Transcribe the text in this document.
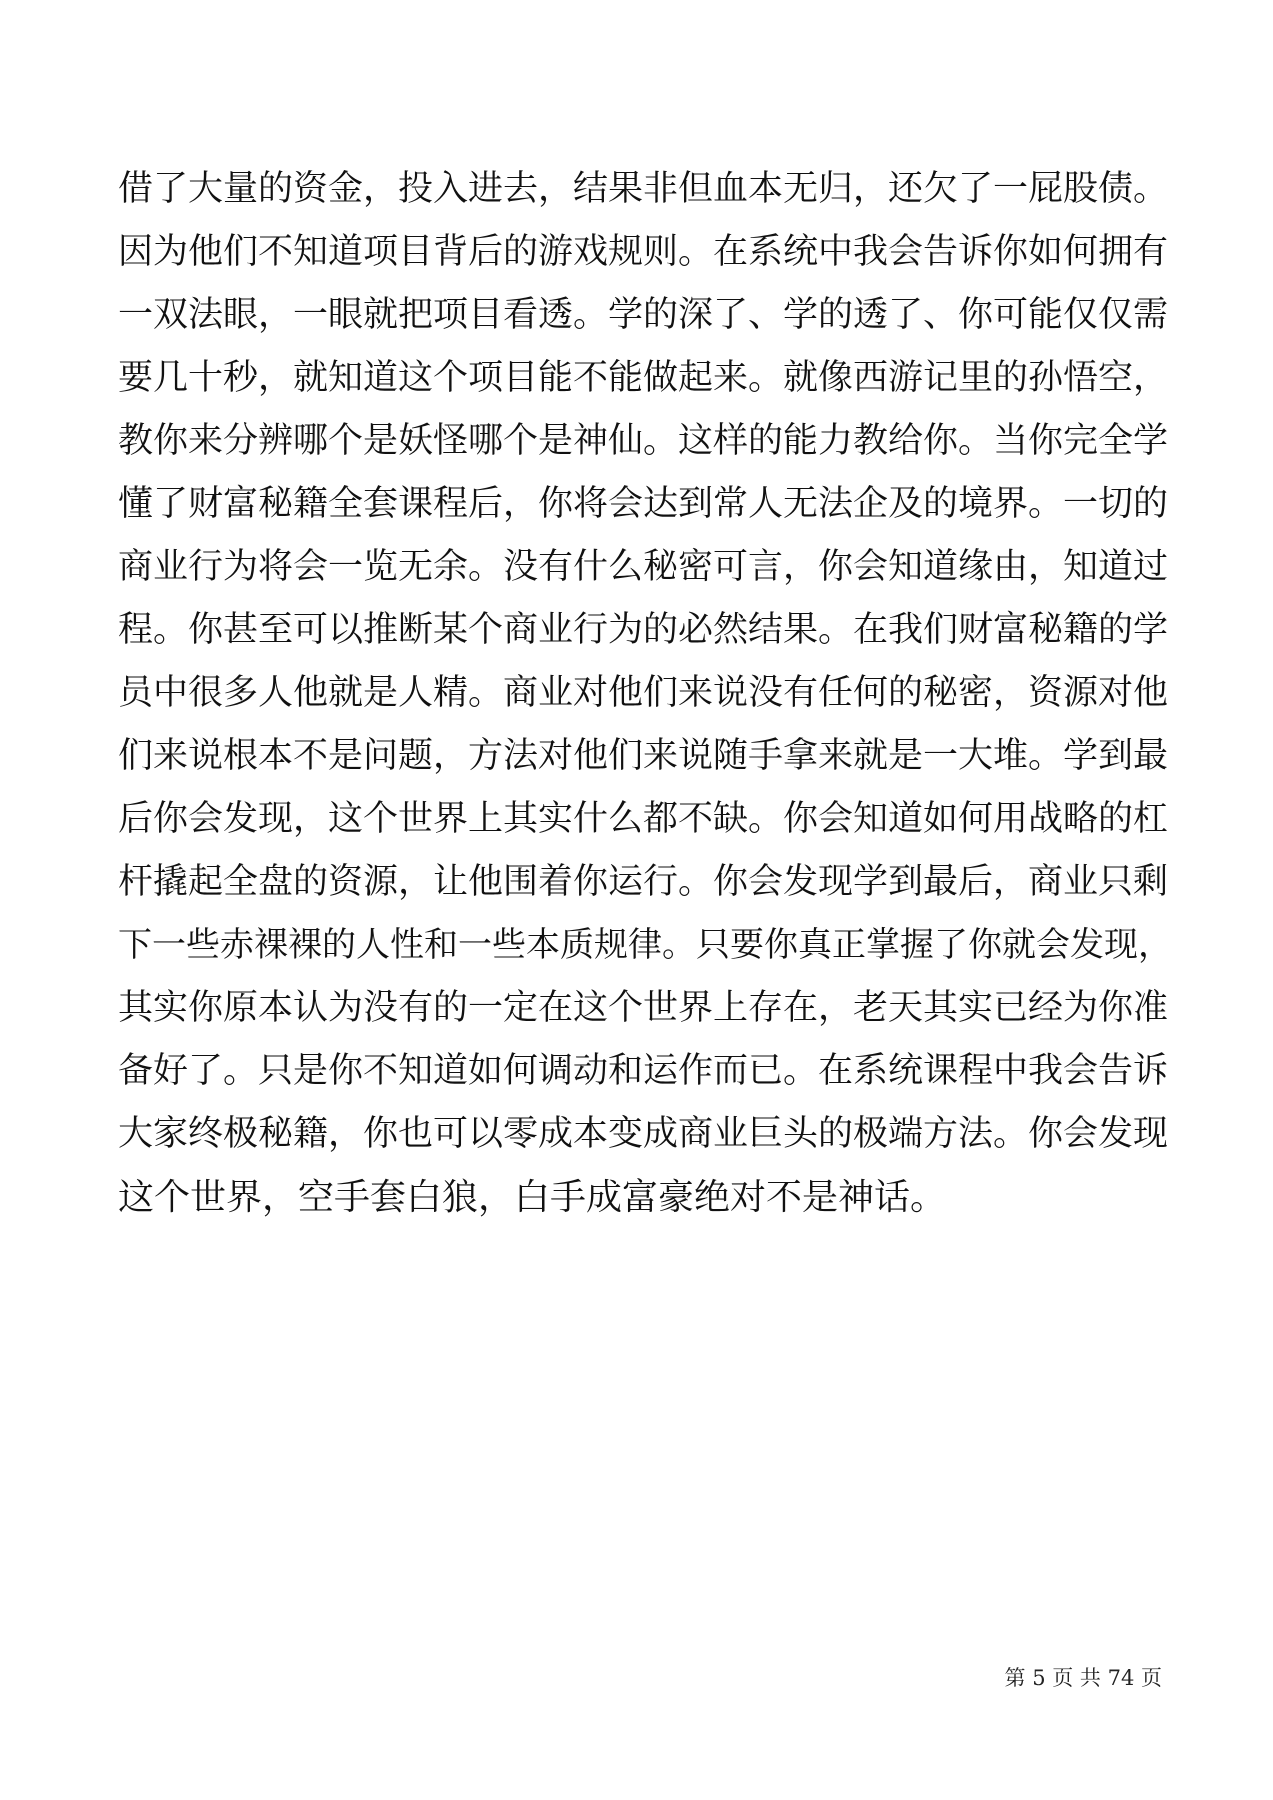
借了大量的资金，投入进去，结果非但血本无归，还欠了一屁股债。
因为他们不知道项目背后的游戏规则。在系统中我会告诉你如何拥有
一双法眼，一眼就把项目看透。学的深了、学的透了、你可能仅仅需
要几十秒，就知道这个项目能不能做起来。就像西游记里的孙悟空，
教你来分辨哪个是妖怪哪个是神仙。这样的能力教给你。当你完全学
懂了财富秘籍全套课程后，你将会达到常人无法企及的境界。一切的
商业行为将会一览无余。没有什么秘密可言，你会知道缘由，知道过
程。你甚至可以推断某个商业行为的必然结果。在我们财富秘籍的学
员中很多人他就是人精。商业对他们来说没有任何的秘密，资源对他
们来说根本不是问题，方法对他们来说随手拿来就是一大堆。学到最
后你会发现，这个世界上其实什么都不缺。你会知道如何用战略的杠
杆撬起全盘的资源，让他围着你运行。你会发现学到最后，商业只剩
下一些赤裸裸的人性和一些本质规律。只要你真正掌握了你就会发现，
其实你原本认为没有的一定在这个世界上存在，老天其实已经为你准
备好了。只是你不知道如何调动和运作而已。在系统课程中我会告诉
大家终极秘籍，你也可以零成本变成商业巨头的极端方法。你会发现
这个世界，空手套白狼，白手成富豪绝对不是神话。
第 5 页 共 74 页
